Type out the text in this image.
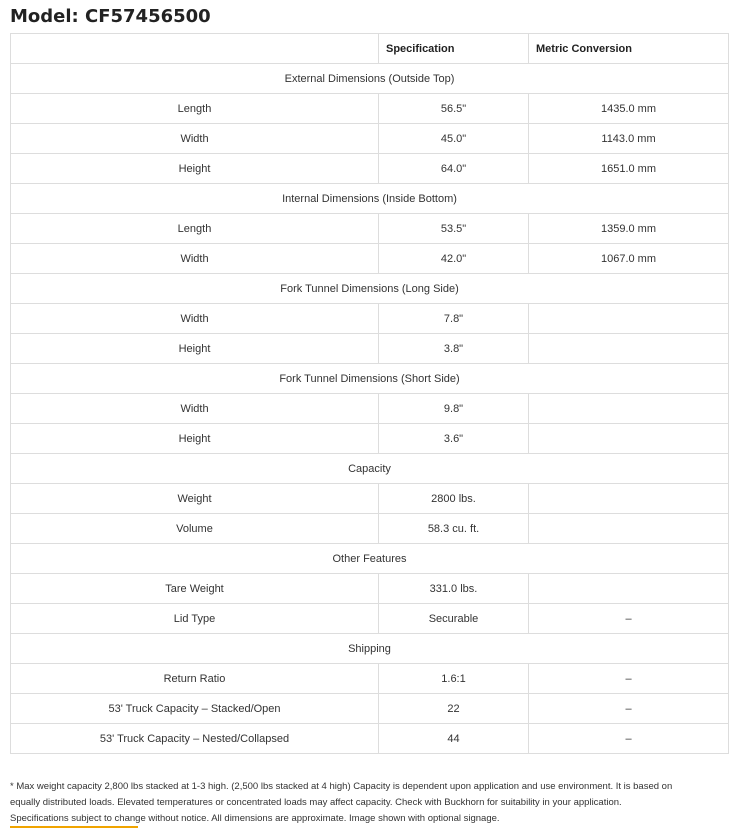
Model: CF57456500
	Specification	Metric Conversion
External Dimensions (Outside Top)		
Length	56.5"	1435.0 mm
Width	45.0"	1143.0 mm
Height	64.0"	1651.0 mm
Internal Dimensions (Inside Bottom)		
Length	53.5"	1359.0 mm
Width	42.0"	1067.0 mm
Fork Tunnel Dimensions (Long Side)		
Width	7.8"	
Height	3.8"	
Fork Tunnel Dimensions (Short Side)		
Width	9.8"	
Height	3.6"	
Capacity		
Weight	2800 lbs.	
Volume	58.3 cu. ft.	
Other Features		
Tare Weight	331.0 lbs.	
Lid Type	Securable	–
Shipping		
Return Ratio	1.6:1	–
53' Truck Capacity – Stacked/Open	22	–
53' Truck Capacity – Nested/Collapsed	44	–

* Max weight capacity 2,800 lbs stacked at 1-3 high. (2,500 lbs stacked at 4 high) Capacity is dependent upon application and use environment. It is based on
equally distributed loads. Elevated temperatures or concentrated loads may affect capacity. Check with Buckhorn for suitability in your application.
Specifications subject to change without notice. All dimensions are approximate. Image shown with optional signage.
